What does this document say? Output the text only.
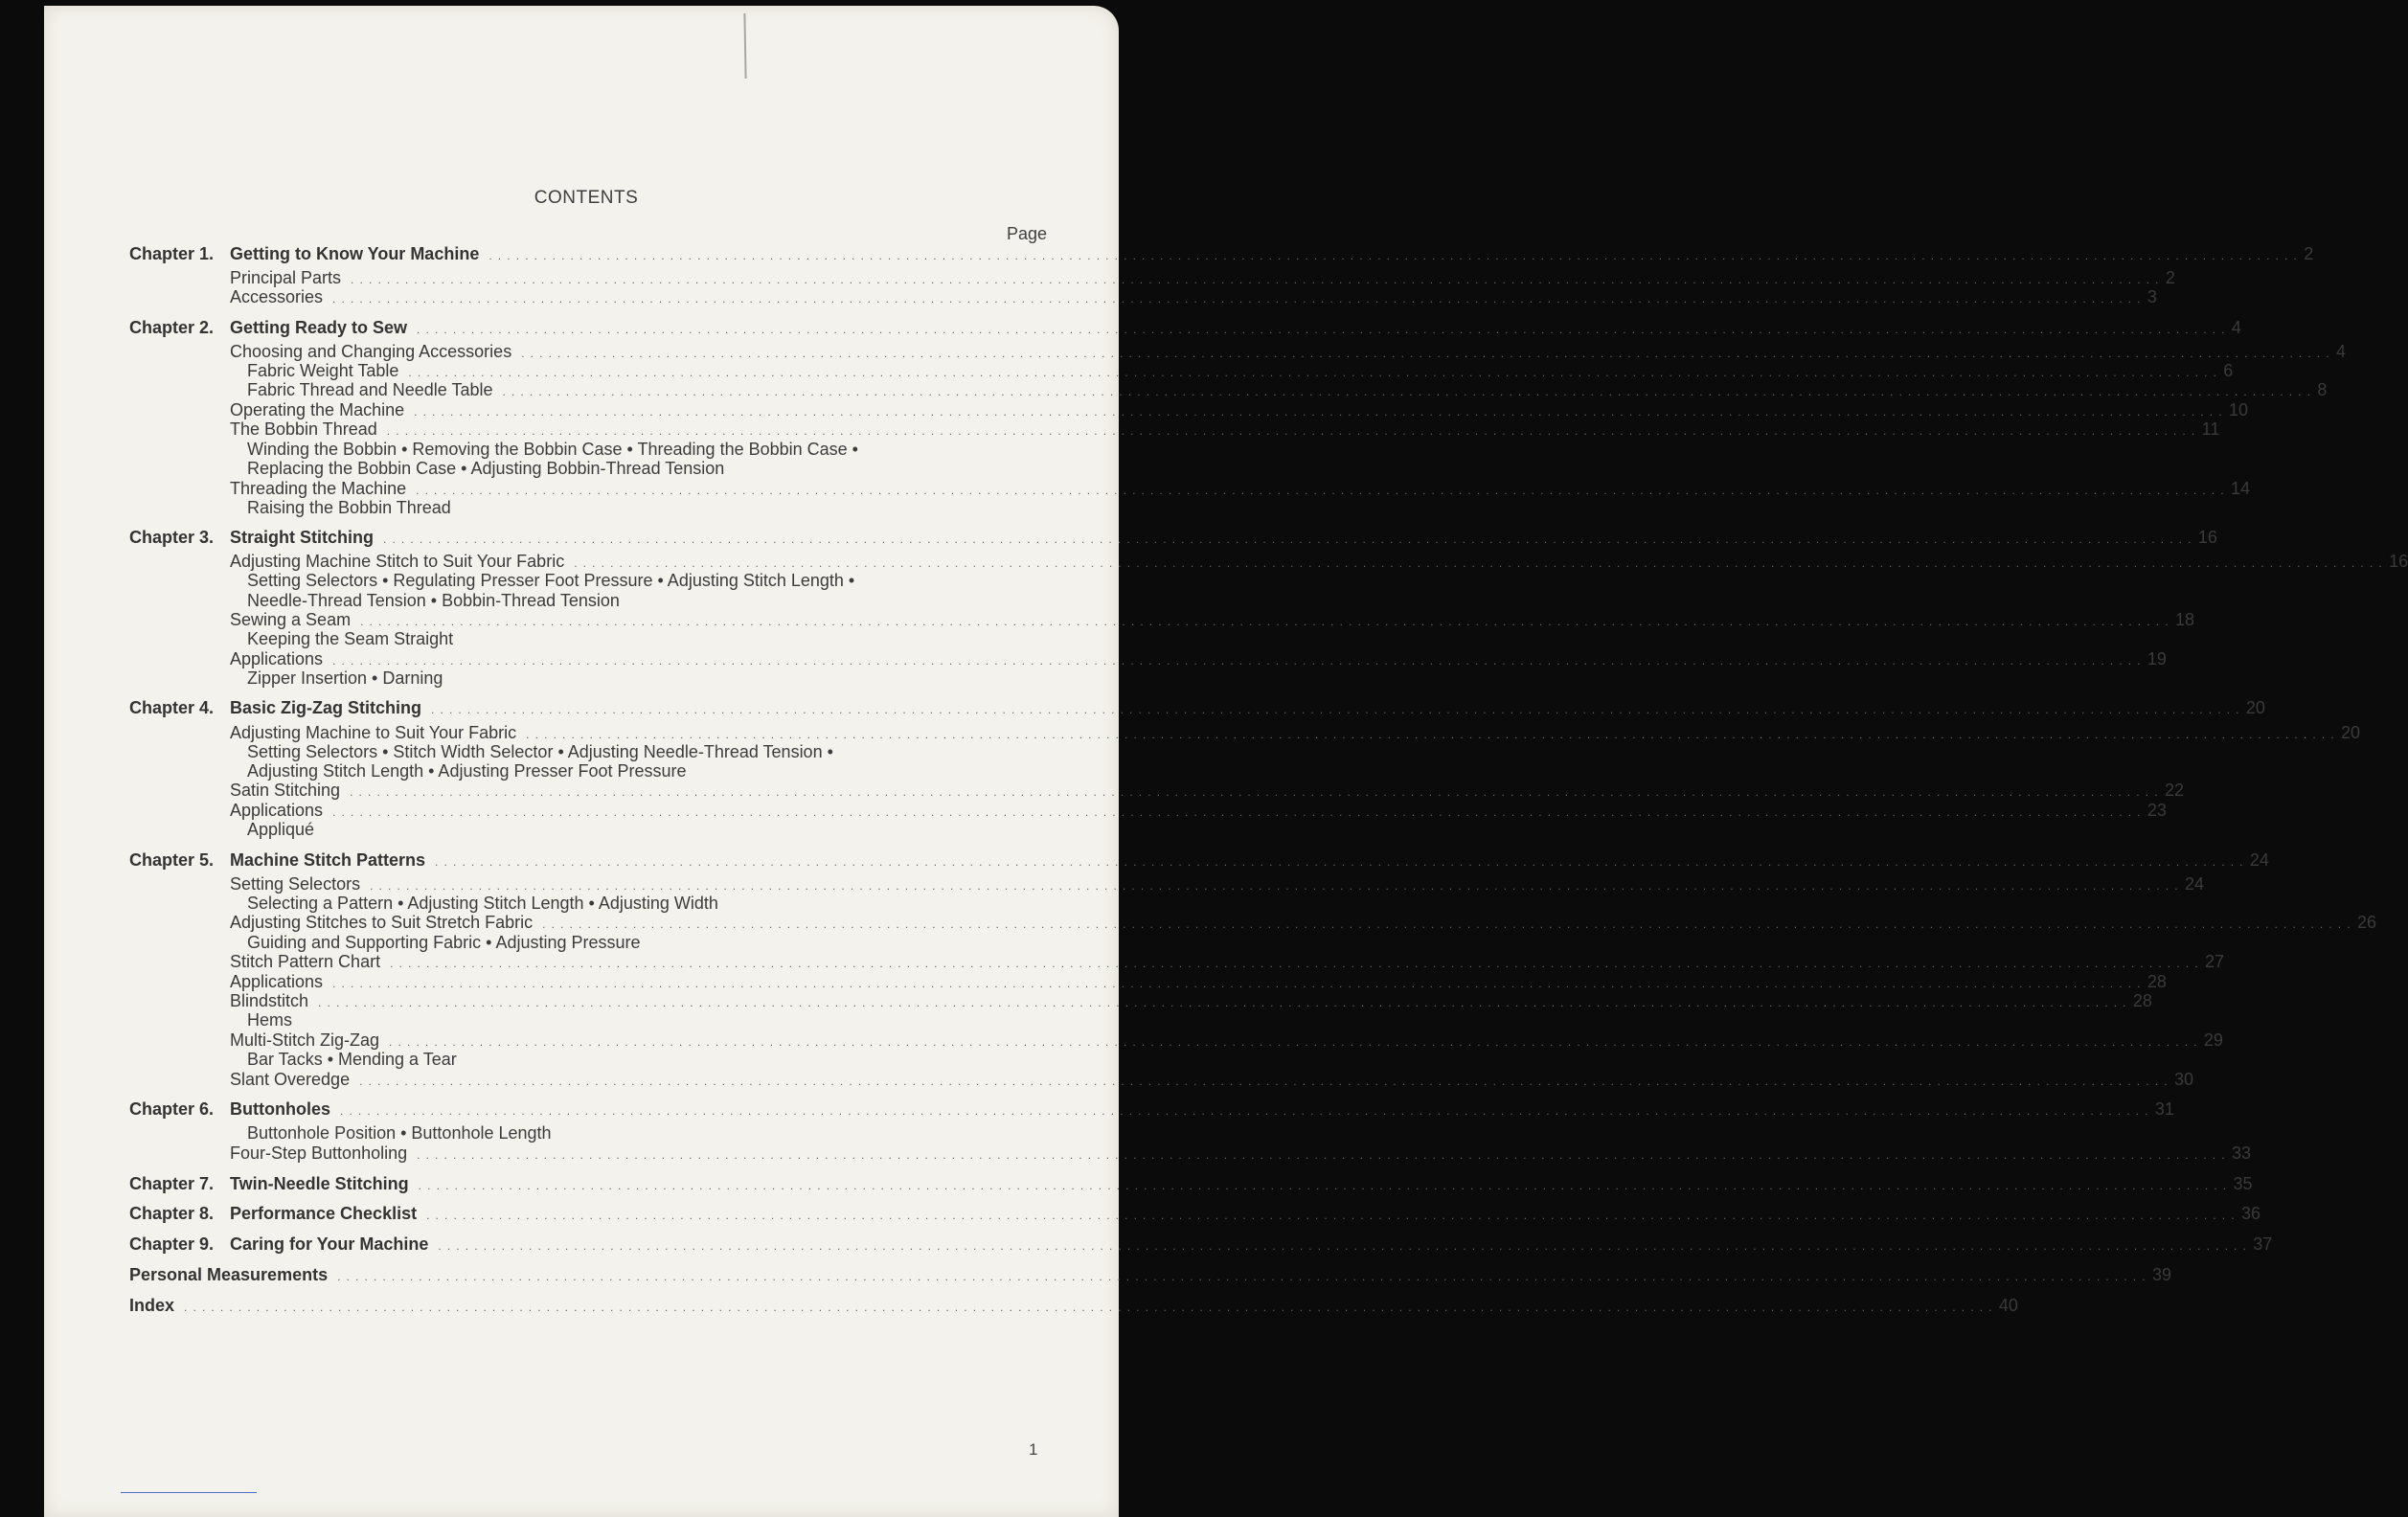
CONTENTS
Page
Chapter 1. Getting to Know Your Machine . . . . . . . . . . . . . . . . . . . . . . . . . . . . . . . . . . . . . . . . . . . . . . . . . . . . . . . . . . . . . . . . . . . . . . . . . . . . . . . . . . . . . . . . . . . . . . . . . . . . . . . . . . . . . . . . . . . . . . . . . . . . . . . . . . . . . . . . . . . . . . . . . . . . . . . . . . . . . . . . . . . . . . . . . . . . . . . . . . . . . . . . . . . . . . . . . . . . . . . . 2
Principal Parts . . . . . . . . . . . . . . . . . . . . . . . . . . . . . . . . . . . . . . . . . . . . . . . . . . . . . . . . . . . . . . . . . . . . . . . . . . . . . . . . . . . . . . . . . . . . . . . . . . . . . . . . . . . . . . . . . . . . . . . . . . . . . . . . . . . . . . . . . . . . . . . . . . . . . . . . . . . . . . . . . . . . . . . . . . . . . . . . . . . . . . . . . . . . . . . . . . . . . . . . 2
Accessories . . . . . . . . . . . . . . . . . . . . . . . . . . . . . . . . . . . . . . . . . . . . . . . . . . . . . . . . . . . . . . . . . . . . . . . . . . . . . . . . . . . . . . . . . . . . . . . . . . . . . . . . . . . . . . . . . . . . . . . . . . . . . . . . . . . . . . . . . . . . . . . . . . . . . . . . . . . . . . . . . . . . . . . . . . . . . . . . . . . . . . . . . . . . . . . . . . . . . . . . 3
Chapter 2. Getting Ready to Sew . . . . . . . . . . . . . . . . . . . . . . . . . . . . . . . . . . . . . . . . . . . . . . . . . . . . . . . . . . . . . . . . . . . . . . . . . . . . . . . . . . . . . . . . . . . . . . . . . . . . . . . . . . . . . . . . . . . . . . . . . . . . . . . . . . . . . . . . . . . . . . . . . . . . . . . . . . . . . . . . . . . . . . . . . . . . . . . . . . . . . . . . . . . . . . . . . . . . . . . . 4
Choosing and Changing Accessories . . . . . . . . . . . . . . . . . . . . . . . . . . . . . . . . . . . . . . . . . . . . . . . . . . . . . . . . . . . . . . . . . . . . . . . . . . . . . . . . . . . . . . . . . . . . . . . . . . . . . . . . . . . . . . . . . . . . . . . . . . . . . . . . . . . . . . . . . . . . . . . . . . . . . . . . . . . . . . . . . . . . . . . . . . . . . . . . . . . . . . . . . . . . . . . . . . . . . . . . 4
Fabric Weight Table . . . . . . . . . . . . . . . . . . . . . . . . . . . . . . . . . . . . . . . . . . . . . . . . . . . . . . . . . . . . . . . . . . . . . . . . . . . . . . . . . . . . . . . . . . . . . . . . . . . . . . . . . . . . . . . . . . . . . . . . . . . . . . . . . . . . . . . . . . . . . . . . . . . . . . . . . . . . . . . . . . . . . . . . . . . . . . . . . . . . . . . . . . . . . . . . . . . . . . . . 6
Fabric Thread and Needle Table . . . . . . . . . . . . . . . . . . . . . . . . . . . . . . . . . . . . . . . . . . . . . . . . . . . . . . . . . . . . . . . . . . . . . . . . . . . . . . . . . . . . . . . . . . . . . . . . . . . . . . . . . . . . . . . . . . . . . . . . . . . . . . . . . . . . . . . . . . . . . . . . . . . . . . . . . . . . . . . . . . . . . . . . . . . . . . . . . . . . . . . . . . . . . . . . . . . . . . . . 8
Operating the Machine . . . . . . . . . . . . . . . . . . . . . . . . . . . . . . . . . . . . . . . . . . . . . . . . . . . . . . . . . . . . . . . . . . . . . . . . . . . . . . . . . . . . . . . . . . . . . . . . . . . . . . . . . . . . . . . . . . . . . . . . . . . . . . . . . . . . . . . . . . . . . . . . . . . . . . . . . . . . . . . . . . . . . . . . . . . . . . . . . . . . . . . . . . . . . . . . . . . . . . . . 10
The Bobbin Thread . . . . . . . . . . . . . . . . . . . . . . . . . . . . . . . . . . . . . . . . . . . . . . . . . . . . . . . . . . . . . . . . . . . . . . . . . . . . . . . . . . . . . . . . . . . . . . . . . . . . . . . . . . . . . . . . . . . . . . . . . . . . . . . . . . . . . . . . . . . . . . . . . . . . . . . . . . . . . . . . . . . . . . . . . . . . . . . . . . . . . . . . . . . . . . . . . . . . . . . . 11
Threading the Machine . . . . . . . . . . . . . . . . . . . . . . . . . . . . . . . . . . . . . . . . . . . . . . . . . . . . . . . . . . . . . . . . . . . . . . . . . . . . . . . . . . . . . . . . . . . . . . . . . . . . . . . . . . . . . . . . . . . . . . . . . . . . . . . . . . . . . . . . . . . . . . . . . . . . . . . . . . . . . . . . . . . . . . . . . . . . . . . . . . . . . . . . . . . . . . . . . . . . . . . . 14
Chapter 3. Straight Stitching . . . . . . . . . . . . . . . . . . . . . . . . . . . . . . . . . . . . . . . . . . . . . . . . . . . . . . . . . . . . . . . . . . . . . . . . . . . . . . . . . . . . . . . . . . . . . . . . . . . . . . . . . . . . . . . . . . . . . . . . . . . . . . . . . . . . . . . . . . . . . . . . . . . . . . . . . . . . . . . . . . . . . . . . . . . . . . . . . . . . . . . . . . . . . . . . . . . . . . . . 16
Adjusting Machine Stitch to Suit Your Fabric . . . . . . . . . . . . . . . . . . . . . . . . . . . . . . . . . . . . . . . . . . . . . . . . . . . . . . . . . . . . . . . . . . . . . . . . . . . . . . . . . . . . . . . . . . . . . . . . . . . . . . . . . . . . . . . . . . . . . . . . . . . . . . . . . . . . . . . . . . . . . . . . . . . . . . . . . . . . . . . . . . . . . . . . . . . . . . . . . . . . . . . . . . . . . . . . . . . . . . . . 16
Sewing a Seam . . . . . . . . . . . . . . . . . . . . . . . . . . . . . . . . . . . . . . . . . . . . . . . . . . . . . . . . . . . . . . . . . . . . . . . . . . . . . . . . . . . . . . . . . . . . . . . . . . . . . . . . . . . . . . . . . . . . . . . . . . . . . . . . . . . . . . . . . . . . . . . . . . . . . . . . . . . . . . . . . . . . . . . . . . . . . . . . . . . . . . . . . . . . . . . . . . . . . . . . 18
Applications . . . . . . . . . . . . . . . . . . . . . . . . . . . . . . . . . . . . . . . . . . . . . . . . . . . . . . . . . . . . . . . . . . . . . . . . . . . . . . . . . . . . . . . . . . . . . . . . . . . . . . . . . . . . . . . . . . . . . . . . . . . . . . . . . . . . . . . . . . . . . . . . . . . . . . . . . . . . . . . . . . . . . . . . . . . . . . . . . . . . . . . . . . . . . . . . . . . . . . . . 19
Chapter 4. Basic Zig-Zag Stitching . . . . . . . . . . . . . . . . . . . . . . . . . . . . . . . . . . . . . . . . . . . . . . . . . . . . . . . . . . . . . . . . . . . . . . . . . . . . . . . . . . . . . . . . . . . . . . . . . . . . . . . . . . . . . . . . . . . . . . . . . . . . . . . . . . . . . . . . . . . . . . . . . . . . . . . . . . . . . . . . . . . . . . . . . . . . . . . . . . . . . . . . . . . . . . . . . . . . . . . . 20
Adjusting Machine to Suit Your Fabric . . . . . . . . . . . . . . . . . . . . . . . . . . . . . . . . . . . . . . . . . . . . . . . . . . . . . . . . . . . . . . . . . . . . . . . . . . . . . . . . . . . . . . . . . . . . . . . . . . . . . . . . . . . . . . . . . . . . . . . . . . . . . . . . . . . . . . . . . . . . . . . . . . . . . . . . . . . . . . . . . . . . . . . . . . . . . . . . . . . . . . . . . . . . . . . . . . . . . . . . 20
Satin Stitching . . . . . . . . . . . . . . . . . . . . . . . . . . . . . . . . . . . . . . . . . . . . . . . . . . . . . . . . . . . . . . . . . . . . . . . . . . . . . . . . . . . . . . . . . . . . . . . . . . . . . . . . . . . . . . . . . . . . . . . . . . . . . . . . . . . . . . . . . . . . . . . . . . . . . . . . . . . . . . . . . . . . . . . . . . . . . . . . . . . . . . . . . . . . . . . . . . . . . . . . 22
Applications . . . . . . . . . . . . . . . . . . . . . . . . . . . . . . . . . . . . . . . . . . . . . . . . . . . . . . . . . . . . . . . . . . . . . . . . . . . . . . . . . . . . . . . . . . . . . . . . . . . . . . . . . . . . . . . . . . . . . . . . . . . . . . . . . . . . . . . . . . . . . . . . . . . . . . . . . . . . . . . . . . . . . . . . . . . . . . . . . . . . . . . . . . . . . . . . . . . . . . . . 23
Chapter 5. Machine Stitch Patterns . . . . . . . . . . . . . . . . . . . . . . . . . . . . . . . . . . . . . . . . . . . . . . . . . . . . . . . . . . . . . . . . . . . . . . . . . . . . . . . . . . . . . . . . . . . . . . . . . . . . . . . . . . . . . . . . . . . . . . . . . . . . . . . . . . . . . . . . . . . . . . . . . . . . . . . . . . . . . . . . . . . . . . . . . . . . . . . . . . . . . . . . . . . . . . . . . . . . . . . . 24
Setting Selectors . . . . . . . . . . . . . . . . . . . . . . . . . . . . . . . . . . . . . . . . . . . . . . . . . . . . . . . . . . . . . . . . . . . . . . . . . . . . . . . . . . . . . . . . . . . . . . . . . . . . . . . . . . . . . . . . . . . . . . . . . . . . . . . . . . . . . . . . . . . . . . . . . . . . . . . . . . . . . . . . . . . . . . . . . . . . . . . . . . . . . . . . . . . . . . . . . . . . . . . . 24
Adjusting Stitches to Suit Stretch Fabric . . . . . . . . . . . . . . . . . . . . . . . . . . . . . . . . . . . . . . . . . . . . . . . . . . . . . . . . . . . . . . . . . . . . . . . . . . . . . . . . . . . . . . . . . . . . . . . . . . . . . . . . . . . . . . . . . . . . . . . . . . . . . . . . . . . . . . . . . . . . . . . . . . . . . . . . . . . . . . . . . . . . . . . . . . . . . . . . . . . . . . . . . . . . . . . . . . . . . . . . 26
Stitch Pattern Chart . . . . . . . . . . . . . . . . . . . . . . . . . . . . . . . . . . . . . . . . . . . . . . . . . . . . . . . . . . . . . . . . . . . . . . . . . . . . . . . . . . . . . . . . . . . . . . . . . . . . . . . . . . . . . . . . . . . . . . . . . . . . . . . . . . . . . . . . . . . . . . . . . . . . . . . . . . . . . . . . . . . . . . . . . . . . . . . . . . . . . . . . . . . . . . . . . . . . . . . . 27
Applications . . . . . . . . . . . . . . . . . . . . . . . . . . . . . . . . . . . . . . . . . . . . . . . . . . . . . . . . . . . . . . . . . . . . . . . . . . . . . . . . . . . . . . . . . . . . . . . . . . . . . . . . . . . . . . . . . . . . . . . . . . . . . . . . . . . . . . . . . . . . . . . . . . . . . . . . . . . . . . . . . . . . . . . . . . . . . . . . . . . . . . . . . . . . . . . . . . . . . . . . 28
Blindstitch . . . . . . . . . . . . . . . . . . . . . . . . . . . . . . . . . . . . . . . . . . . . . . . . . . . . . . . . . . . . . . . . . . . . . . . . . . . . . . . . . . . . . . . . . . . . . . . . . . . . . . . . . . . . . . . . . . . . . . . . . . . . . . . . . . . . . . . . . . . . . . . . . . . . . . . . . . . . . . . . . . . . . . . . . . . . . . . . . . . . . . . . . . . . . . . . . . . . . . . . 28
Multi-Stitch Zig-Zag . . . . . . . . . . . . . . . . . . . . . . . . . . . . . . . . . . . . . . . . . . . . . . . . . . . . . . . . . . . . . . . . . . . . . . . . . . . . . . . . . . . . . . . . . . . . . . . . . . . . . . . . . . . . . . . . . . . . . . . . . . . . . . . . . . . . . . . . . . . . . . . . . . . . . . . . . . . . . . . . . . . . . . . . . . . . . . . . . . . . . . . . . . . . . . . . . . . . . . . . 29
Slant Overedge . . . . . . . . . . . . . . . . . . . . . . . . . . . . . . . . . . . . . . . . . . . . . . . . . . . . . . . . . . . . . . . . . . . . . . . . . . . . . . . . . . . . . . . . . . . . . . . . . . . . . . . . . . . . . . . . . . . . . . . . . . . . . . . . . . . . . . . . . . . . . . . . . . . . . . . . . . . . . . . . . . . . . . . . . . . . . . . . . . . . . . . . . . . . . . . . . . . . . . . . 30
Chapter 6. Buttonholes . . . . . . . . . . . . . . . . . . . . . . . . . . . . . . . . . . . . . . . . . . . . . . . . . . . . . . . . . . . . . . . . . . . . . . . . . . . . . . . . . . . . . . . . . . . . . . . . . . . . . . . . . . . . . . . . . . . . . . . . . . . . . . . . . . . . . . . . . . . . . . . . . . . . . . . . . . . . . . . . . . . . . . . . . . . . . . . . . . . . . . . . . . . . . . . . . . . . . . . . 31
Four-Step Buttonholing . . . . . . . . . . . . . . . . . . . . . . . . . . . . . . . . . . . . . . . . . . . . . . . . . . . . . . . . . . . . . . . . . . . . . . . . . . . . . . . . . . . . . . . . . . . . . . . . . . . . . . . . . . . . . . . . . . . . . . . . . . . . . . . . . . . . . . . . . . . . . . . . . . . . . . . . . . . . . . . . . . . . . . . . . . . . . . . . . . . . . . . . . . . . . . . . . . . . . . . . 33
Chapter 7. Twin-Needle Stitching . . . . . . . . . . . . . . . . . . . . . . . . . . . . . . . . . . . . . . . . . . . . . . . . . . . . . . . . . . . . . . . . . . . . . . . . . . . . . . . . . . . . . . . . . . . . . . . . . . . . . . . . . . . . . . . . . . . . . . . . . . . . . . . . . . . . . . . . . . . . . . . . . . . . . . . . . . . . . . . . . . . . . . . . . . . . . . . . . . . . . . . . . . . . . . . . . . . . . . . . 35
Chapter 8. Performance Checklist . . . . . . . . . . . . . . . . . . . . . . . . . . . . . . . . . . . . . . . . . . . . . . . . . . . . . . . . . . . . . . . . . . . . . . . . . . . . . . . . . . . . . . . . . . . . . . . . . . . . . . . . . . . . . . . . . . . . . . . . . . . . . . . . . . . . . . . . . . . . . . . . . . . . . . . . . . . . . . . . . . . . . . . . . . . . . . . . . . . . . . . . . . . . . . . . . . . . . . . . 36
Chapter 9. Caring for Your Machine . . . . . . . . . . . . . . . . . . . . . . . . . . . . . . . . . . . . . . . . . . . . . . . . . . . . . . . . . . . . . . . . . . . . . . . . . . . . . . . . . . . . . . . . . . . . . . . . . . . . . . . . . . . . . . . . . . . . . . . . . . . . . . . . . . . . . . . . . . . . . . . . . . . . . . . . . . . . . . . . . . . . . . . . . . . . . . . . . . . . . . . . . . . . . . . . . . . . . . . . 37
Personal Measurements . . . . . . . . . . . . . . . . . . . . . . . . . . . . . . . . . . . . . . . . . . . . . . . . . . . . . . . . . . . . . . . . . . . . . . . . . . . . . . . . . . . . . . . . . . . . . . . . . . . . . . . . . . . . . . . . . . . . . . . . . . . . . . . . . . . . . . . . . . . . . . . . . . . . . . . . . . . . . . . . . . . . . . . . . . . . . . . . . . . . . . . . . . . . . . . . . . . . . . . . 39
Index . . . . . . . . . . . . . . . . . . . . . . . . . . . . . . . . . . . . . . . . . . . . . . . . . . . . . . . . . . . . . . . . . . . . . . . . . . . . . . . . . . . . . . . . . . . . . . . . . . . . . . . . . . . . . . . . . . . . . . . . . . . . . . . . . . . . . . . . . . . . . . . . . . . . . . . . . . . . . . . . . . . . . . . . . . . . . . . . . . . . . . . . . . . . . . . . . . . . . . . . 40
Winding the Bobbin • Removing the Bobbin Case • Threading the Bobbin Case •
Replacing the Bobbin Case • Adjusting Bobbin-Thread Tension
Raising the Bobbin Thread
Setting Selectors • Regulating Presser Foot Pressure • Adjusting Stitch Length •
Needle-Thread Tension • Bobbin-Thread Tension
Keeping the Seam Straight
Zipper Insertion • Darning
Setting Selectors • Stitch Width Selector • Adjusting Needle-Thread Tension •
Adjusting Stitch Length • Adjusting Presser Foot Pressure
Appliqué
Selecting a Pattern • Adjusting Stitch Length • Adjusting Width
Guiding and Supporting Fabric • Adjusting Pressure
Hems
Bar Tacks • Mending a Tear
Buttonhole Position • Buttonhole Length
1
